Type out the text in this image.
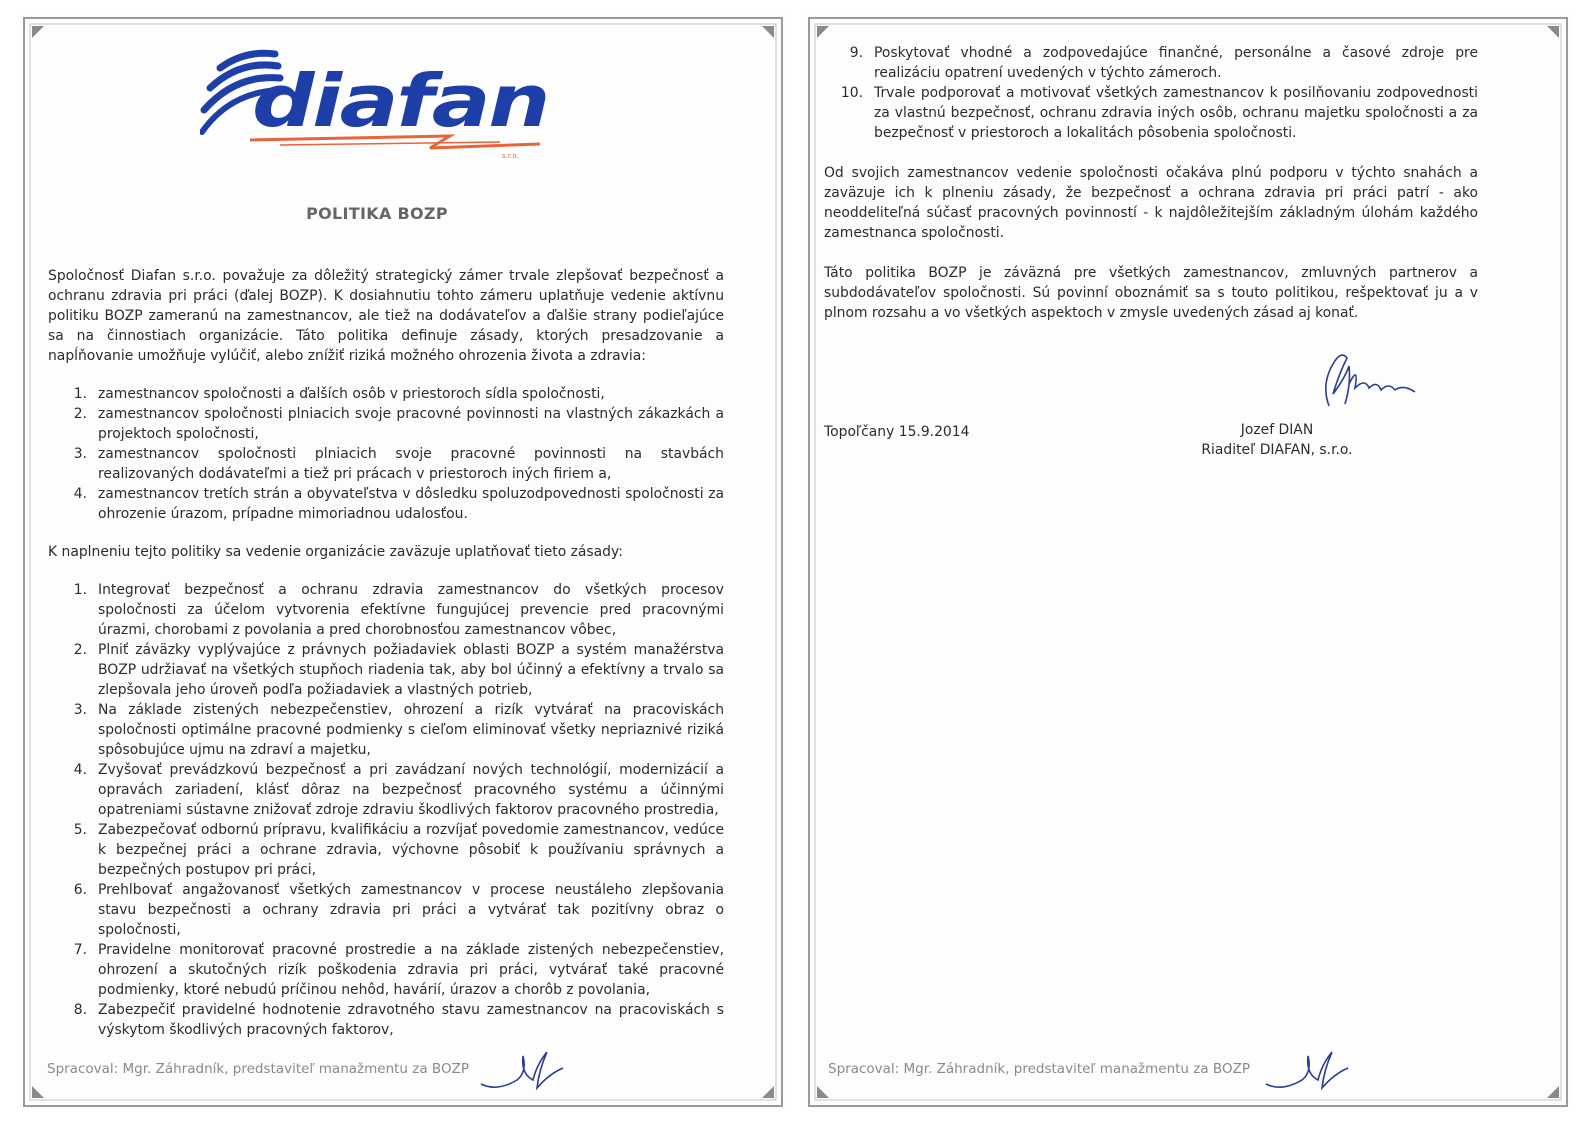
diafan
s.r.o.
POLITIKA BOZP

Spoločnosť Diafan s.r.o. považuje za dôležitý strategický zámer trvale zlepšovať bezpečnosť a ochranu zdravia pri práci (ďalej BOZP). K dosiahnutiu tohto zámeru uplatňuje vedenie aktívnu politiku BOZP zameranú na zamestnancov, ale tiež na dodávateľov a ďalšie strany podieľajúce sa na činnostiach organizácie. Táto politika definuje zásady, ktorých presadzovanie a napĺňovanie umožňuje vylúčiť, alebo znížiť riziká možného ohrozenia života a zdravia:

1. zamestnancov spoločnosti a ďalších osôb v priestoroch sídla spoločnosti,
2. zamestnancov spoločnosti plniacich svoje pracovné povinnosti na vlastných zákazkách a projektoch spoločnosti,
3. zamestnancov spoločnosti plniacich svoje pracovné povinnosti na stavbách realizovaných dodávateľmi a tiež pri prácach v priestoroch iných firiem a,
4. zamestnancov tretích strán a obyvateľstva v dôsledku spoluzodpovednosti spoločnosti za ohrozenie úrazom, prípadne mimoriadnou udalosťou.

K naplneniu tejto politiky sa vedenie organizácie zaväzuje uplatňovať tieto zásady:

1. Integrovať bezpečnosť a ochranu zdravia zamestnancov do všetkých procesov spoločnosti za účelom vytvorenia efektívne fungujúcej prevencie pred pracovnými úrazmi, chorobami z povolania a pred chorobnosťou zamestnancov vôbec,
2. Plniť záväzky vyplývajúce z právnych požiadaviek oblasti BOZP a systém manažérstva BOZP udržiavať na všetkých stupňoch riadenia tak, aby bol účinný a efektívny a trvalo sa zlepšovala jeho úroveň podľa požiadaviek a vlastných potrieb,
3. Na základe zistených nebezpečenstiev, ohrození a rizík vytvárať na pracoviskách spoločnosti optimálne pracovné podmienky s cieľom eliminovať všetky nepriaznivé riziká spôsobujúce ujmu na zdraví a majetku,
4. Zvyšovať prevádzkovú bezpečnosť a pri zavádzaní nových technológií, modernizácií a opravách zariadení, klásť dôraz na bezpečnosť pracovného systému a účinnými opatreniami sústavne znižovať zdroje zdraviu škodlivých faktorov pracovného prostredia,
5. Zabezpečovať odbornú prípravu, kvalifikáciu a rozvíjať povedomie zamestnancov, vedúce k bezpečnej práci a ochrane zdravia, výchovne pôsobiť k používaniu správnych a bezpečných postupov pri práci,
6. Prehlbovať angažovanosť všetkých zamestnancov v procese neustáleho zlepšovania stavu bezpečnosti a ochrany zdravia pri práci a vytvárať tak pozitívny obraz o spoločnosti,
7. Pravidelne monitorovať pracovné prostredie a na základe zistených nebezpečenstiev, ohrození a skutočných rizík poškodenia zdravia pri práci, vytvárať také pracovné podmienky, ktoré nebudú príčinou nehôd, havárií, úrazov a chorôb z povolania,
8. Zabezpečiť pravidelné hodnotenie zdravotného stavu zamestnancov na pracoviskách s výskytom škodlivých pracovných faktorov,
Spracoval: Mgr. Záhradník, predstaviteľ manažmentu za BOZP
9. Poskytovať vhodné a zodpovedajúce finančné, personálne a časové zdroje pre realizáciu opatrení uvedených v týchto zámeroch.
10. Trvale podporovať a motivovať všetkých zamestnancov k posilňovaniu zodpovednosti za vlastnú bezpečnosť, ochranu zdravia iných osôb, ochranu majetku spoločnosti a za bezpečnosť v priestoroch a lokalitách pôsobenia spoločnosti.

Od svojich zamestnancov vedenie spoločnosti očakáva plnú podporu v týchto snahách a zaväzuje ich k plneniu zásady, že bezpečnosť a ochrana zdravia pri práci patrí - ako neoddeliteľná súčasť pracovných povinností - k najdôležitejším základným úlohám každého zamestnanca spoločnosti.

Táto politika BOZP je záväzná pre všetkých zamestnancov, zmluvných partnerov a subdodávateľov spoločnosti. Sú povinní oboznámiť sa s touto politikou, rešpektovať ju a v plnom rozsahu a vo všetkých aspektoch v zmysle uvedených zásad aj konať.

Topoľčany 15.9.2014	Jozef DIAN
Riaditeľ DIAFAN, s.r.o.
Spracoval: Mgr. Záhradník, predstaviteľ manažmentu za BOZP
